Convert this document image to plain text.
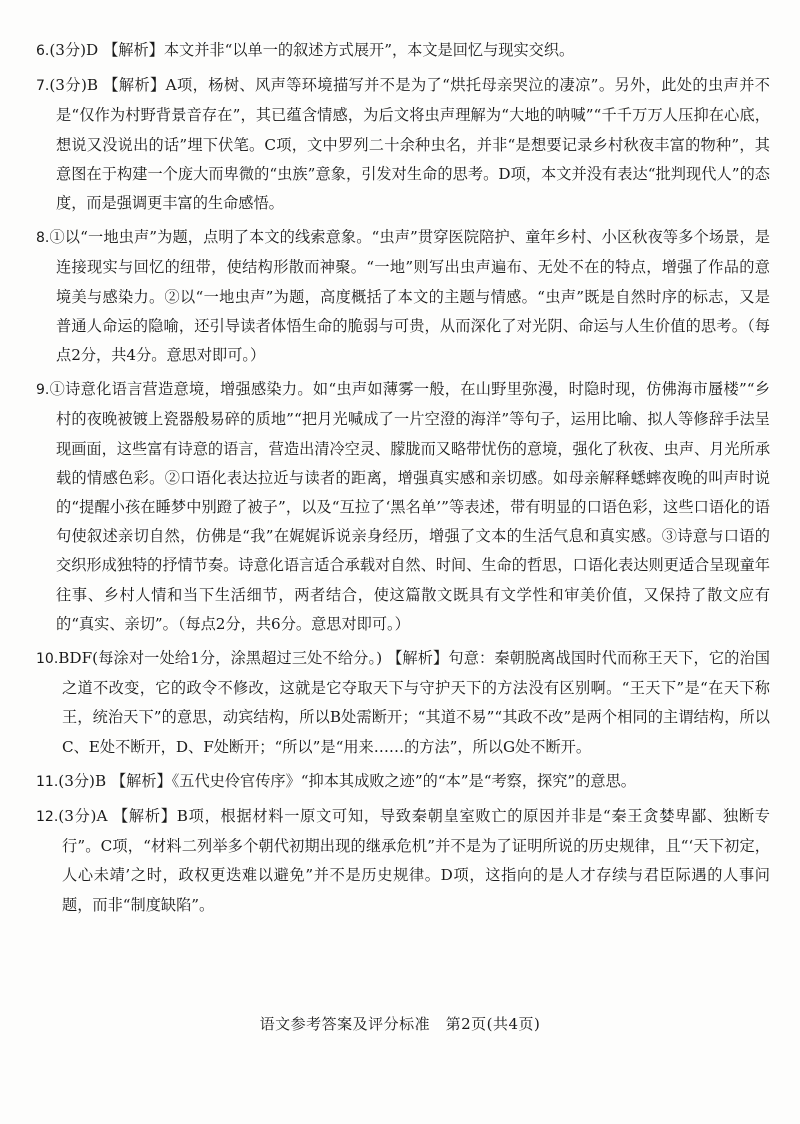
6.(3分)D 【解析】本文并非“以单一的叙述方式展开”，本文是回忆与现实交织。

7.(3分)B 【解析】A项，杨树、风声等环境描写并不是为了“烘托母亲哭泣的凄凉”。另外，此处的虫声并不是“仅作为村野背景音存在”，其已蕴含情感，为后文将虫声理解为“大地的呐喊”“千千万万人压抑在心底，想说又没说出的话”埋下伏笔。C项，文中罗列二十余种虫名，并非“是想要记录乡村秋夜丰富的物种”，其意图在于构建一个庞大而卑微的“虫族”意象，引发对生命的思考。D项，本文并没有表达“批判现代人”的态度，而是强调更丰富的生命感悟。

8.①以“一地虫声”为题，点明了本文的线索意象。“虫声”贯穿医院陪护、童年乡村、小区秋夜等多个场景，是连接现实与回忆的纽带，使结构形散而神聚。“一地”则写出虫声遍布、无处不在的特点，增强了作品的意境美与感染力。②以“一地虫声”为题，高度概括了本文的主题与情感。“虫声”既是自然时序的标志，又是普通人命运的隐喻，还引导读者体悟生命的脆弱与可贵，从而深化了对光阴、命运与人生价值的思考。（每点2分，共4分。意思对即可。）

9.①诗意化语言营造意境，增强感染力。如“虫声如薄雾一般，在山野里弥漫，时隐时现，仿佛海市蜃楼”“乡村的夜晚被镀上瓷器般易碎的质地”“把月光喊成了一片空澄的海洋”等句子，运用比喻、拟人等修辞手法呈现画面，这些富有诗意的语言，营造出清冷空灵、朦胧而又略带忧伤的意境，强化了秋夜、虫声、月光所承载的情感色彩。②口语化表达拉近与读者的距离，增强真实感和亲切感。如母亲解释蟋蟀夜晚的叫声时说的“提醒小孩在睡梦中别蹬了被子”，以及“互拉了‘黑名单’”等表述，带有明显的口语色彩，这些口语化的语句使叙述亲切自然，仿佛是“我”在娓娓诉说亲身经历，增强了文本的生活气息和真实感。③诗意与口语的交织形成独特的抒情节奏。诗意化语言适合承载对自然、时间、生命的哲思，口语化表达则更适合呈现童年往事、乡村人情和当下生活细节，两者结合，使这篇散文既具有文学性和审美价值，又保持了散文应有的“真实、亲切”。（每点2分，共6分。意思对即可。）

10.BDF(每涂对一处给1分，涂黑超过三处不给分。) 【解析】句意：秦朝脱离战国时代而称王天下，它的治国之道不改变，它的政令不修改，这就是它夺取天下与守护天下的方法没有区别啊。“王天下”是“在天下称王，统治天下”的意思，动宾结构，所以B处需断开；“其道不易”“其政不改”是两个相同的主谓结构，所以C、E处不断开，D、F处断开；“所以”是“用来……的方法”，所以G处不断开。

11.(3分)B 【解析】《五代史伶官传序》“抑本其成败之迹”的“本”是“考察，探究”的意思。

12.(3分)A 【解析】B项，根据材料一原文可知，导致秦朝皇室败亡的原因并非是“秦王贪婪卑鄙、独断专行”。C项，“材料二列举多个朝代初期出现的继承危机”并不是为了证明所说的历史规律，且“‘天下初定，人心未靖’之时，政权更迭难以避免”并不是历史规律。D项，这指向的是人才存续与君臣际遇的人事问题，而非“制度缺陷”。

语文参考答案及评分标准　第2页(共4页)
